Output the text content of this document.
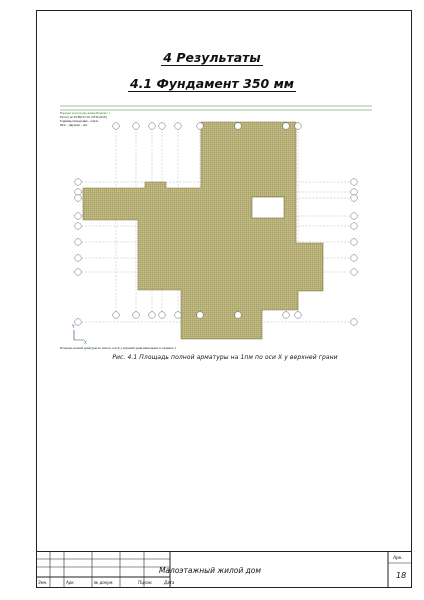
4 Результаты
4.1 Фундамент 350 мм
Вариант конструирования Вариант 1
Расчет по РСН(СП 20.13330.2016)
Единицы измерения - см2/м
Шаг - Двухшаг - мм
Площадь полной арматуры на 1пм по оси X у верхней грани ниже/выше в элементе 1
X
Y
Рис. 4.1 Площадь полной арматуры на 1пм по оси X у верхней грани
Змн.	Арк.	№ докум.	Підпис	Дата
Малоэтажный жилой дом
Арк.
18
